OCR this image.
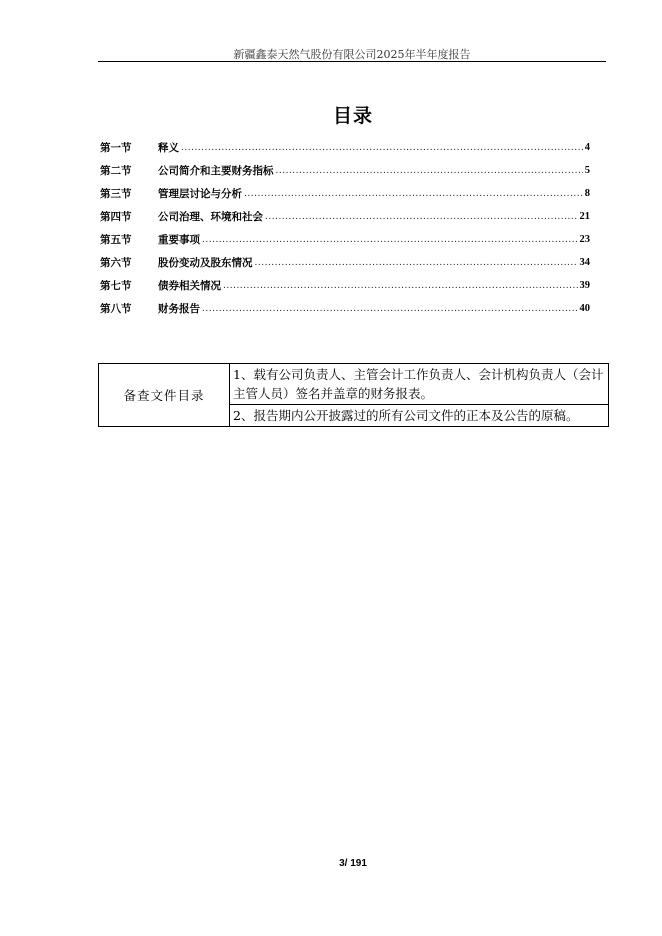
新疆鑫泰天然气股份有限公司2025年半年度报告
目录
第一节	释义 .....	4
第二节	公司简介和主要财务指标 .....	5
第三节	管理层讨论与分析 .....	8
第四节	公司治理、环境和社会 .....	21
第五节	重要事项 .....	23
第六节	股份变动及股东情况 .....	34
第七节	债券相关情况 .....	39
第八节	财务报告 .....	40
备查文件目录	1、载有公司负责人、主管会计工作负责人、会计机构负责人（会计主管人员）签名并盖章的财务报表。
2、报告期内公开披露过的所有公司文件的正本及公告的原稿。
3/ 191
